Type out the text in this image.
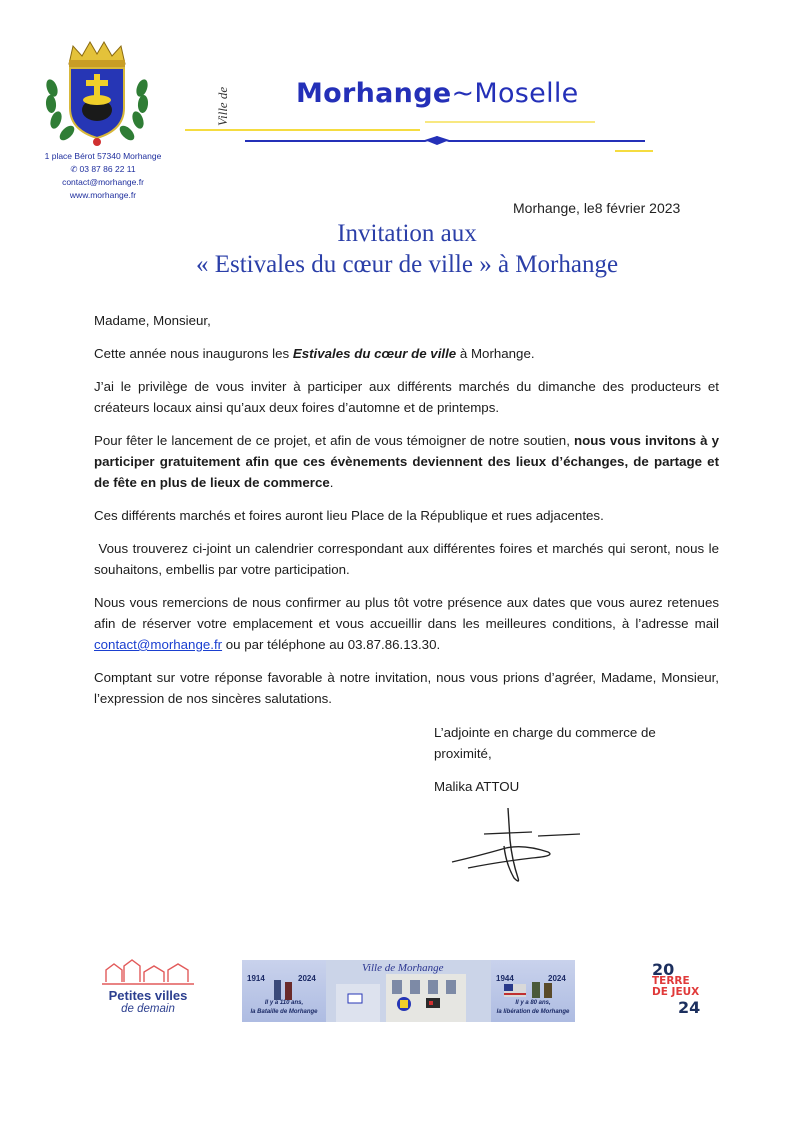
1 place Bérot 57340 Morhange
✆ 03 87 86 22 11
contact@morhange.fr
www.morhange.fr
Ville de Morhange~Moselle
Morhange, le8 février 2023
Invitation aux
« Estivales du cœur de ville » à Morhange

Madame, Monsieur,

Cette année nous inaugurons les Estivales du cœur de ville à Morhange.

J’ai le privilège de vous inviter à participer aux différents marchés du dimanche des producteurs et créateurs locaux ainsi qu’aux deux foires d’automne et de printemps.

Pour fêter le lancement de ce projet, et afin de vous témoigner de notre soutien, nous vous invitons à y participer gratuitement afin que ces évènements deviennent des lieux d’échanges, de partage et de fête en plus de lieux de commerce.

Ces différents marchés et foires auront lieu Place de la République et rues adjacentes.

Vous trouverez ci-joint un calendrier correspondant aux différentes foires et marchés qui seront, nous le souhaitons, embellis par votre participation.

Nous vous remercions de nous confirmer au plus tôt votre présence aux dates que vous aurez retenues afin de réserver votre emplacement et vous accueillir dans les meilleures conditions, à l’adresse mail contact@morhange.fr ou par téléphone au 03.87.86.13.30.

Comptant sur votre réponse favorable à notre invitation, nous vous prions d’agréer, Madame, Monsieur, l’expression de nos sincères salutations.

L’adjointe en charge du commerce de

proximité,

Malika ATTOU

Petites villes
de demain
Ville de Morhange
1914	2024
Il y a 110 ans,
la Bataille de Morhange
1944	2024
Il y a 80 ans,
la libération de Morhange
20
TERRE DE JEUX
24
